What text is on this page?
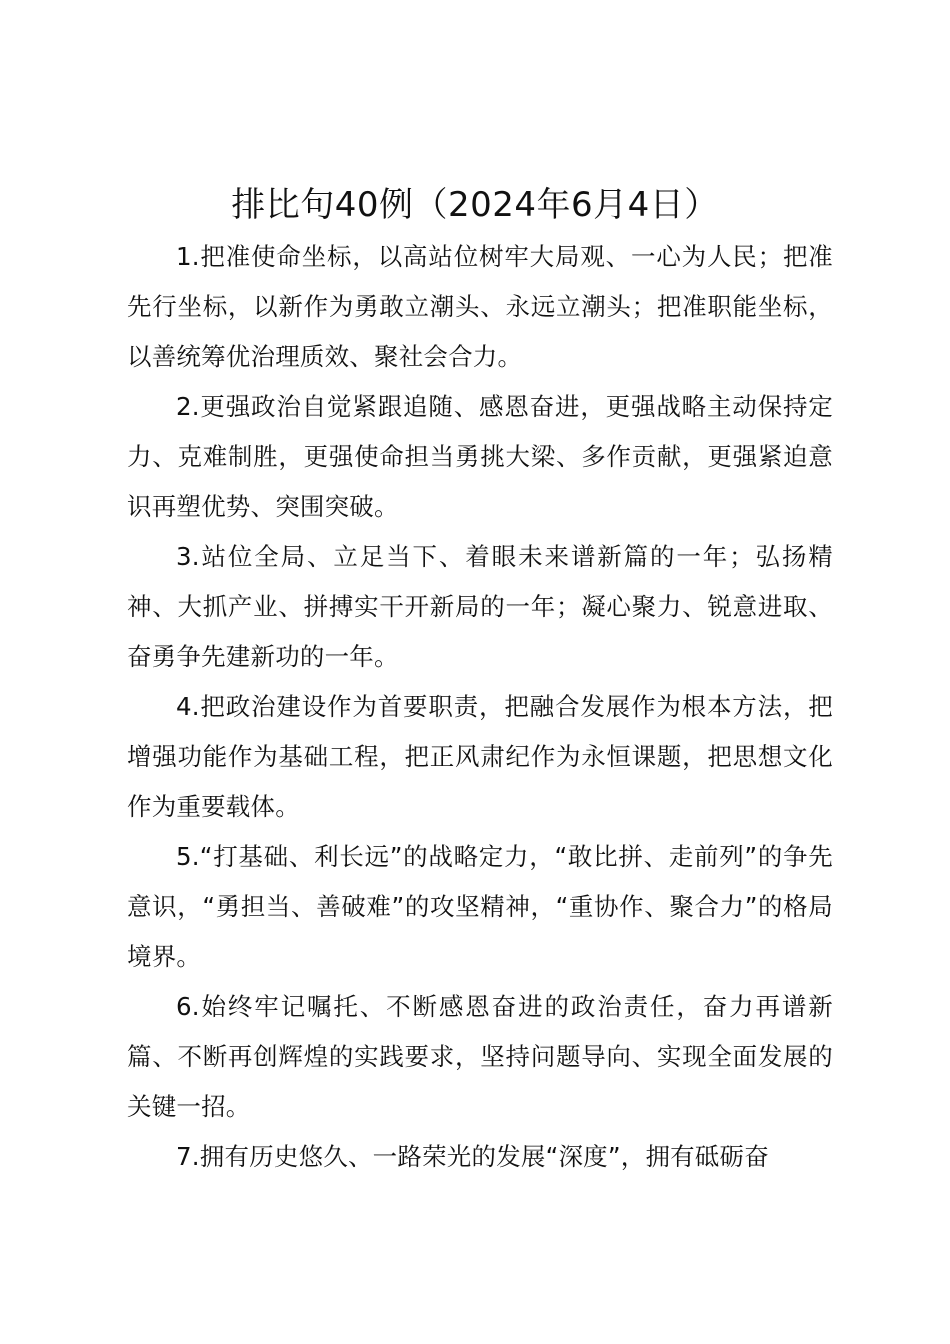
排比句40例（2024年6月4日）

1.把准使命坐标，以高站位树牢大局观、一心为人民；把准先行坐标，以新作为勇敢立潮头、永远立潮头；把准职能坐标，以善统筹优治理质效、聚社会合力。

2.更强政治自觉紧跟追随、感恩奋进，更强战略主动保持定力、克难制胜，更强使命担当勇挑大梁、多作贡献，更强紧迫意识再塑优势、突围突破。

3.站位全局、立足当下、着眼未来谱新篇的一年；弘扬精神、大抓产业、拼搏实干开新局的一年；凝心聚力、锐意进取、奋勇争先建新功的一年。

4.把政治建设作为首要职责，把融合发展作为根本方法，把增强功能作为基础工程，把正风肃纪作为永恒课题，把思想文化作为重要载体。

5.“打基础、利长远”的战略定力，“敢比拼、走前列”的争先意识，“勇担当、善破难”的攻坚精神，“重协作、聚合力”的格局境界。

6.始终牢记嘱托、不断感恩奋进的政治责任，奋力再谱新篇、不断再创辉煌的实践要求，坚持问题导向、实现全面发展的关键一招。

7.拥有历史悠久、一路荣光的发展“深度”，拥有砥砺奋
